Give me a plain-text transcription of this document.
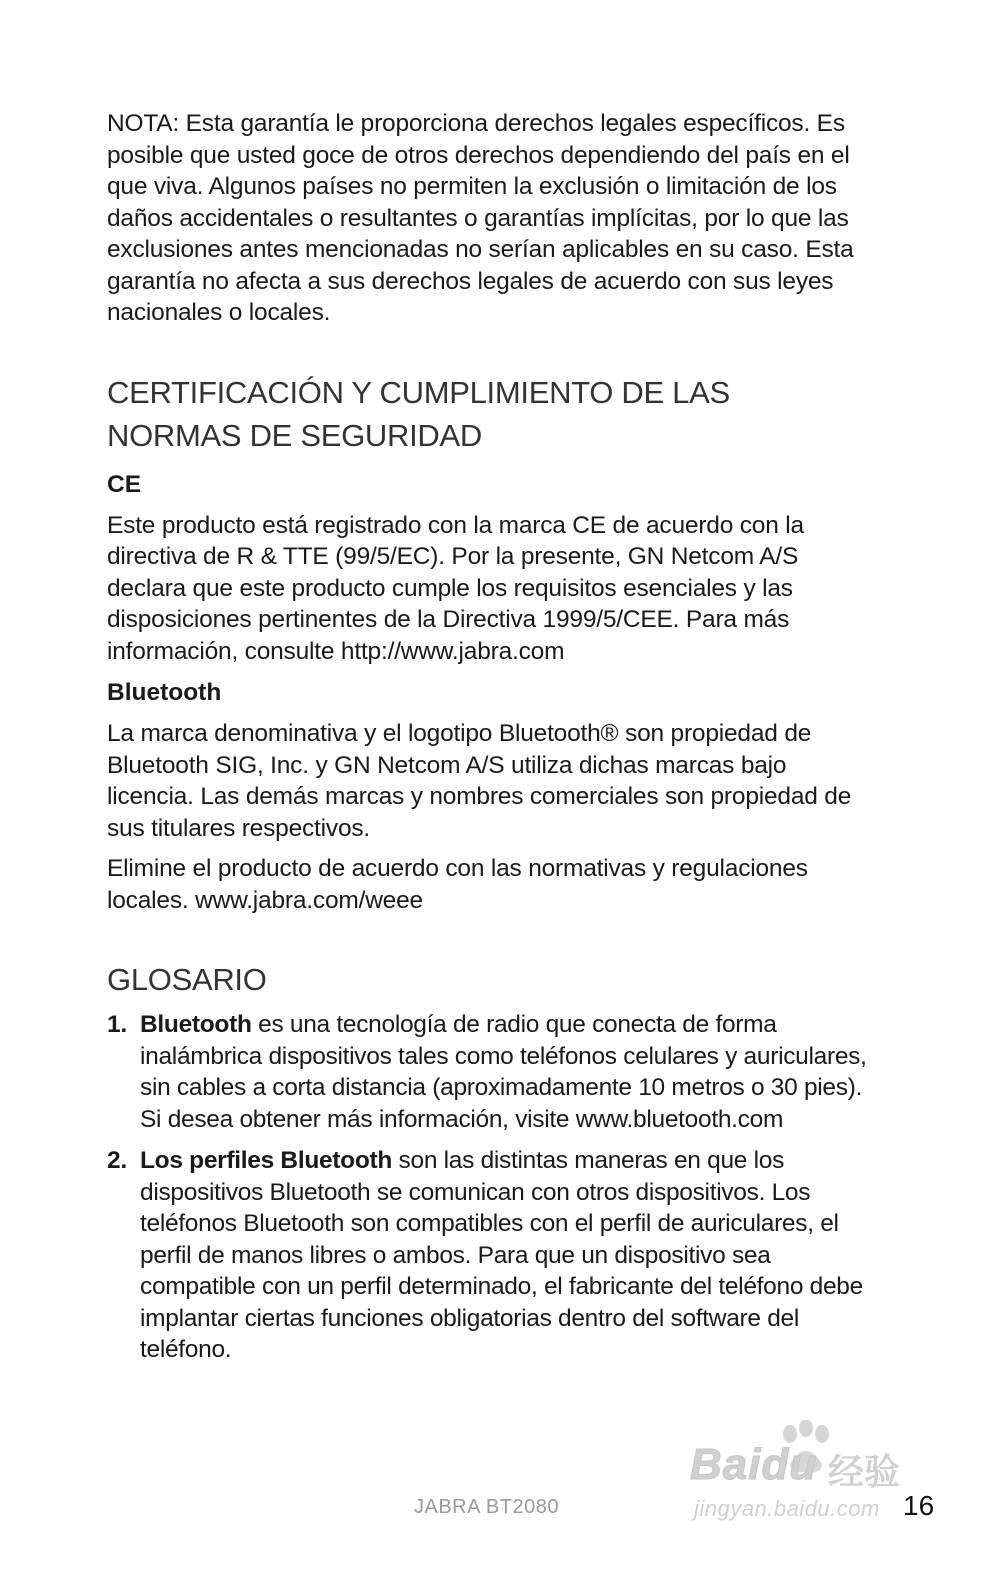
NOTA: Esta garantía le proporciona derechos legales específicos. Es posible que usted goce de otros derechos dependiendo del país en el que viva. Algunos países no permiten la exclusión o limitación de los daños accidentales o resultantes o garantías implícitas, por lo que las exclusiones antes mencionadas no serían aplicables en su caso. Esta garantía no afecta a sus derechos legales de acuerdo con sus leyes nacionales o locales.

CERTIFICACIÓN Y CUMPLIMIENTO DE LAS NORMAS DE SEGURIDAD
CE

Este producto está registrado con la marca CE de acuerdo con la directiva de R & TTE (99/5/EC). Por la presente, GN Netcom A/S declara que este producto cumple los requisitos esenciales y las disposiciones pertinentes de la Directiva 1999/5/CEE. Para más información, consulte http://www.jabra.com

Bluetooth

La marca denominativa y el logotipo Bluetooth® son propiedad de Bluetooth SIG, Inc. y GN Netcom A/S utiliza dichas marcas bajo licencia. Las demás marcas y nombres comerciales son propiedad de sus titulares respectivos.

Elimine el producto de acuerdo con las normativas y regulaciones locales. www.jabra.com/weee

GLOSARIO
1. Bluetooth es una tecnología de radio que conecta de forma inalámbrica dispositivos tales como teléfonos celulares y auriculares, sin cables a corta distancia (aproximadamente 10 metros o 30 pies). Si desea obtener más información, visite www.bluetooth.com
2. Los perfiles Bluetooth son las distintas maneras en que los dispositivos Bluetooth se comunican con otros dispositivos. Los teléfonos Bluetooth son compatibles con el perfil de auriculares, el perfil de manos libres o ambos. Para que un dispositivo sea compatible con un perfil determinado, el fabricante del teléfono debe implantar ciertas funciones obligatorias dentro del software del teléfono.
JABRA BT2080	16
Baidu 经验
jingyan.baidu.com
